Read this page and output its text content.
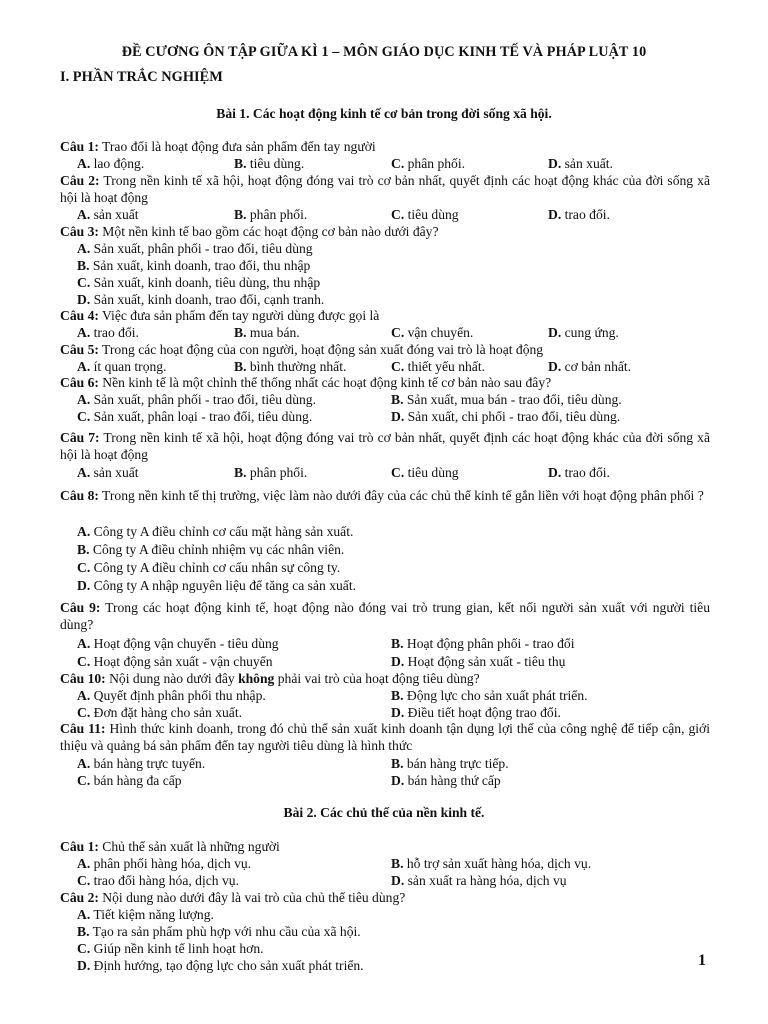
ĐỀ CƯƠNG ÔN TẬP GIỮA KÌ 1 – MÔN GIÁO DỤC KINH TẾ VÀ PHÁP LUẬT 10
I. PHẦN TRẮC NGHIỆM
Bài 1. Các hoạt động kinh tế cơ bản trong đời sống xã hội.
Câu 1: Trao đổi là hoạt động đưa sản phẩm đến tay người
A. lao động.	B. tiêu dùng.	C. phân phối.	D. sản xuất.
Câu 2: Trong nền kinh tế xã hội, hoạt động đóng vai trò cơ bản nhất, quyết định các hoạt động khác của đời sống xã hội là hoạt động
A. sản xuất	B. phân phối.	C. tiêu dùng	D. trao đổi.
Câu 3: Một nền kinh tế bao gồm các hoạt động cơ bản nào dưới đây?
A. Sản xuất, phân phối - trao đổi, tiêu dùng
B. Sản xuất, kinh doanh, trao đổi, thu nhập
C. Sản xuất, kinh doanh, tiêu dùng, thu nhập
D. Sản xuất, kinh doanh, trao đổi, cạnh tranh.
Câu 4: Việc đưa sản phẩm đến tay người dùng được gọi là
A. trao đổi.	B. mua bán.	C. vận chuyển.	D. cung ứng.
Câu 5: Trong các hoạt động của con người, hoạt động sản xuất đóng vai trò là hoạt động
A. ít quan trọng.	B. bình thường nhất.	C. thiết yếu nhất.	D. cơ bản nhất.
Câu 6: Nền kinh tế là một chỉnh thể thống nhất các hoạt động kinh tế cơ bản nào sau đây?
A. Sản xuất, phân phối - trao đổi, tiêu dùng.	B. Sản xuất, mua bán - trao đổi, tiêu dùng.
C. Sản xuất, phân loại - trao đổi, tiêu dùng.	D. Sản xuất, chi phối - trao đổi, tiêu dùng.
Câu 7: Trong nền kinh tế xã hội, hoạt động đóng vai trò cơ bản nhất, quyết định các hoạt động khác của đời sống xã hội là hoạt động
A. sản xuất	B. phân phối.	C. tiêu dùng	D. trao đổi.
Câu 8: Trong nền kinh tế thị trường, việc làm nào dưới đây của các chủ thể kinh tế gắn liền với hoạt động phân phối ?
A. Công ty A điều chỉnh cơ cấu mặt hàng sản xuất.
B. Công ty A điều chỉnh nhiệm vụ các nhân viên.
C. Công ty A điều chỉnh cơ cấu nhân sự công ty.
D. Công ty A nhập nguyên liệu để tăng ca sản xuất.
Câu 9: Trong các hoạt động kinh tế, hoạt động nào đóng vai trò trung gian, kết nối người sản xuất với người tiêu dùng?
A. Hoạt động vận chuyển - tiêu dùng	B. Hoạt động phân phối - trao đổi
C. Hoạt động sản xuất - vận chuyển	D. Hoạt động sản xuất - tiêu thụ
Câu 10: Nội dung nào dưới đây không phải vai trò của hoạt động tiêu dùng?
A. Quyết định phân phối thu nhập.	B. Động lực cho sản xuất phát triển.
C. Đơn đặt hàng cho sản xuất.	D. Điều tiết hoạt động trao đổi.
Câu 11: Hình thức kinh doanh, trong đó chủ thể sản xuất kinh doanh tận dụng lợi thế của công nghệ để tiếp cận, giới thiệu và quảng bá sản phẩm đến tay người tiêu dùng là hình thức
A. bán hàng trực tuyến.	B. bán hàng trực tiếp.
C. bán hàng đa cấp	D. bán hàng thứ cấp
Bài 2. Các chủ thể của nền kinh tế.
Câu 1: Chủ thể sản xuất là những người
A. phân phối hàng hóa, dịch vụ.	B. hỗ trợ sản xuất hàng hóa, dịch vụ.
C. trao đổi hàng hóa, dịch vụ.	D. sản xuất ra hàng hóa, dịch vụ
Câu 2: Nội dung nào dưới đây là vai trò của chủ thể tiêu dùng?
A. Tiết kiệm năng lượng.
B. Tạo ra sản phẩm phù hợp với nhu cầu của xã hội.
C. Giúp nền kinh tế linh hoạt hơn.
D. Định hướng, tạo động lực cho sản xuất phát triển.	1
